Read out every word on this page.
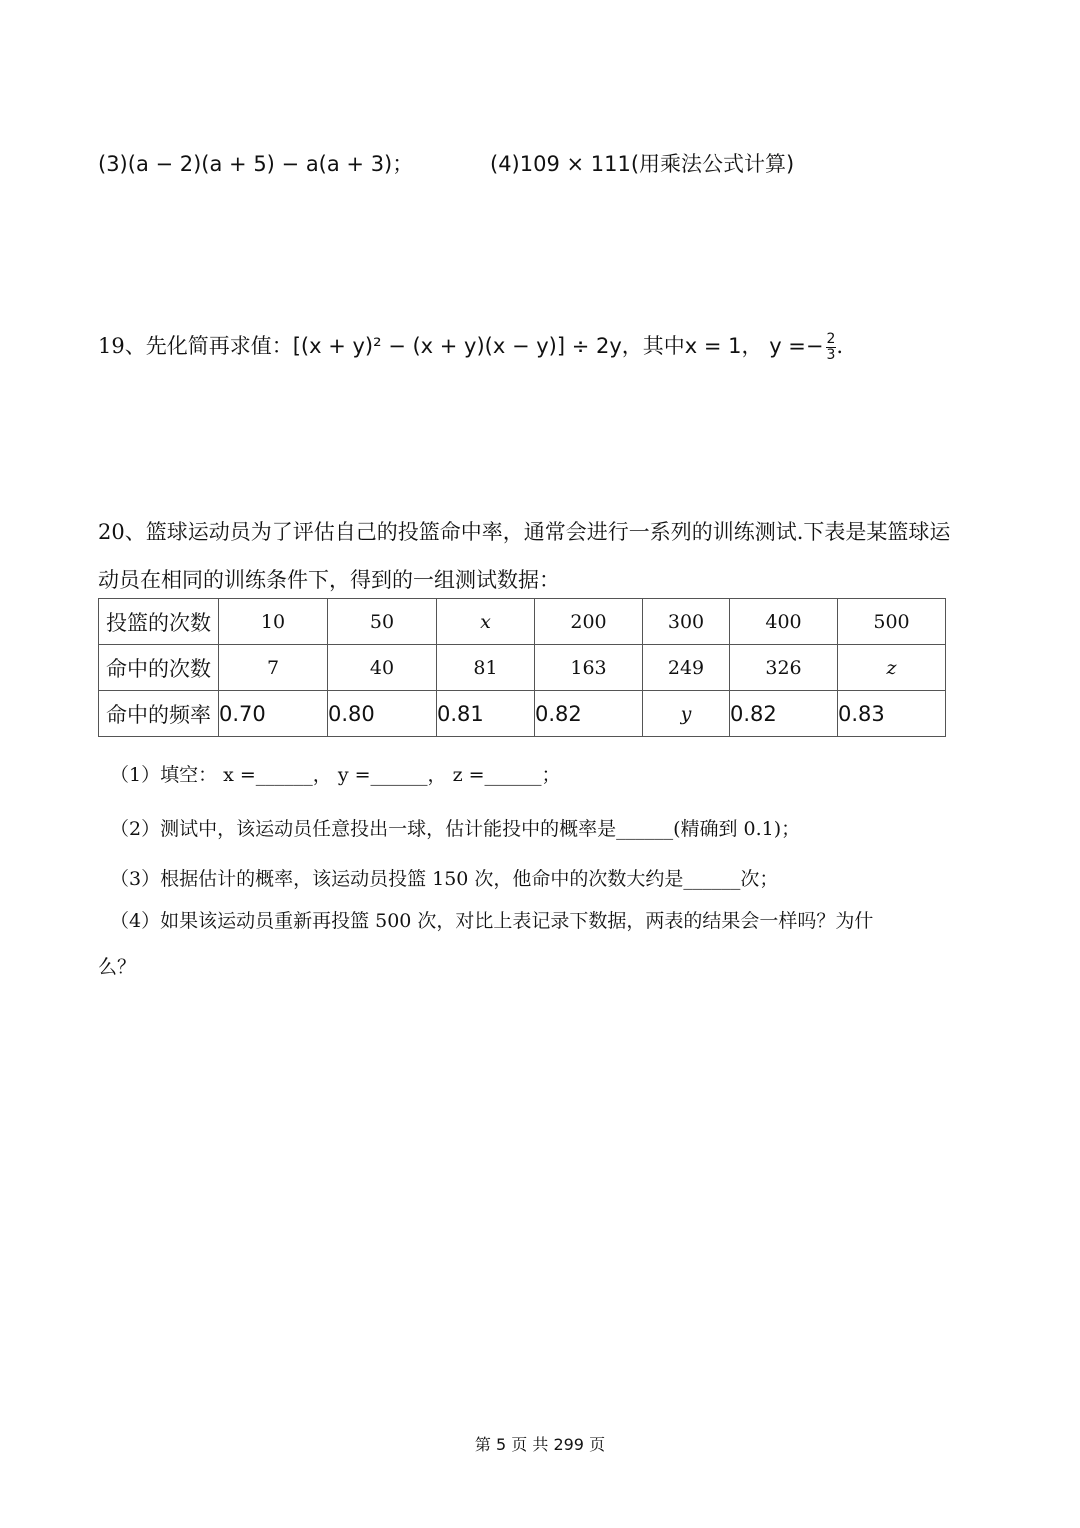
(3)(a − 2)(a + 5) − a(a + 3)；	(4)109 × 111(用乘法公式计算)
19、先化简再求值：[(x + y)² − (x + y)(x − y)] ÷ 2y，其中x = 1， $y =- \frac{2}{3}$ .
20、篮球运动员为了评估自己的投篮命中率，通常会进行一系列的训练测试.下表是某篮球运
动员在相同的训练条件下，得到的一组测试数据：
投篮的次数	10	50	x	200	300	400	500
命中的次数	7	40	81	163	249	326	z
命中的频率	0.70	0.80	0.81	0.82	y	0.82	0.83
（1）填空： x =______， y =______， z =______；
（2）测试中，该运动员任意投出一球，估计能投中的概率是______(精确到 0.1)；
（3）根据估计的概率，该运动员投篮 150 次，他命中的次数大约是______次；
（4）如果该运动员重新再投篮 500 次，对比上表记录下数据，两表的结果会一样吗？为什
么？
第 5 页 共 299 页
